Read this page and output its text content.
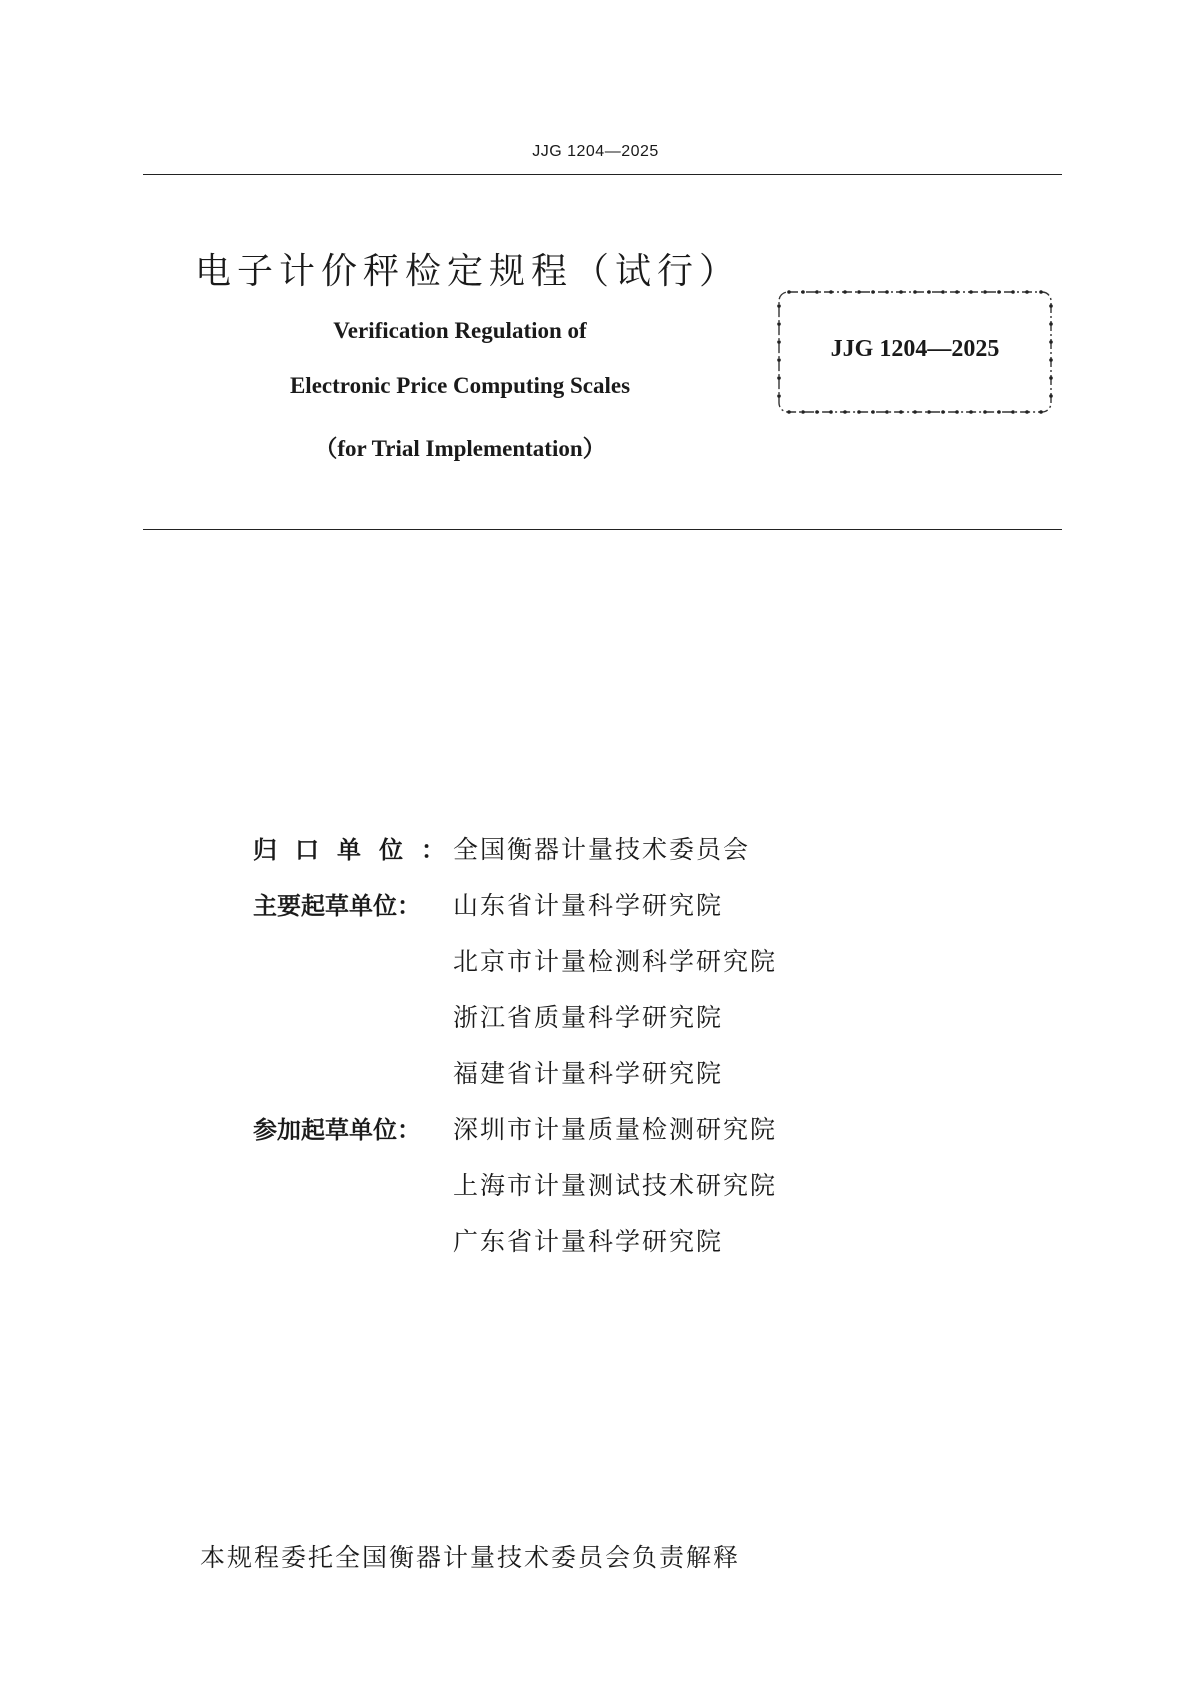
JJG 1204—2025
电子计价秤检定规程（试行）
Verification Regulation of
Electronic Price Computing Scales
（for Trial Implementation）
JJG 1204—2025
归口单位： 全国衡器计量技术委员会
主要起草单位：	山东省计量科学研究院
北京市计量检测科学研究院
浙江省质量科学研究院
福建省计量科学研究院
参加起草单位：	深圳市计量质量检测研究院
上海市计量测试技术研究院
广东省计量科学研究院
本规程委托全国衡器计量技术委员会负责解释
